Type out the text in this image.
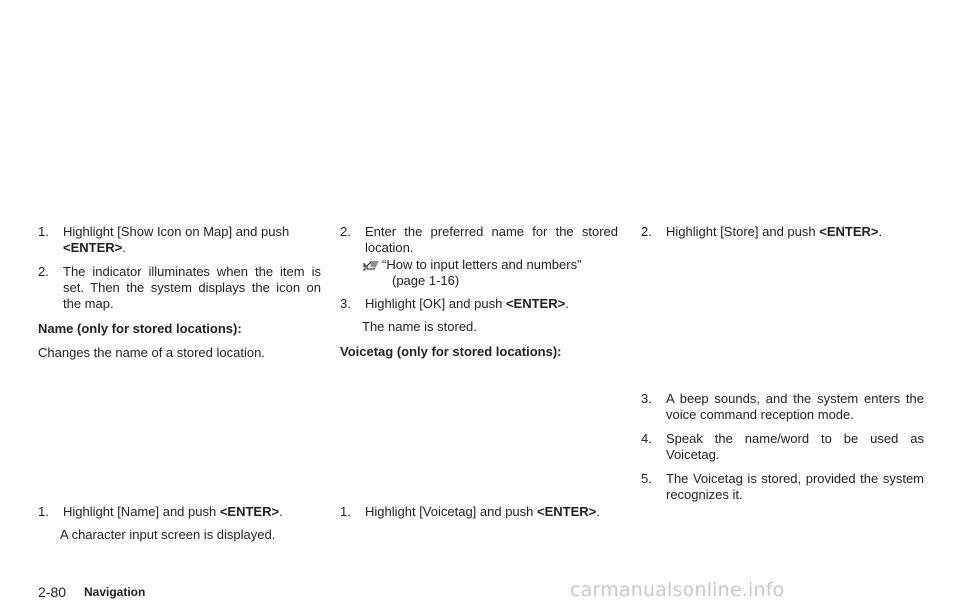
1. Highlight [Show Icon on Map] and push
<ENTER>.
2. The indicator illuminates when the item is set. Then the system displays the icon on the map.
Name (only for stored locations):
Changes the name of a stored location.
1. Highlight [Name] and push <ENTER>.
A character input screen is displayed.
2. Enter the preferred name for the stored location.
“How to input letters and numbers”
(page 1-16)
3. Highlight [OK] and push <ENTER>.
The name is stored.
Voicetag (only for stored locations):
1. Highlight [Voicetag] and push <ENTER>.
2. Highlight [Store] and push <ENTER>.
3. A beep sounds, and the system enters the voice command reception mode.
4. Speak the name/word to be used as Voicetag.
5. The Voicetag is stored, provided the system recognizes it.
2-80 Navigation	carmanualsonline.info
